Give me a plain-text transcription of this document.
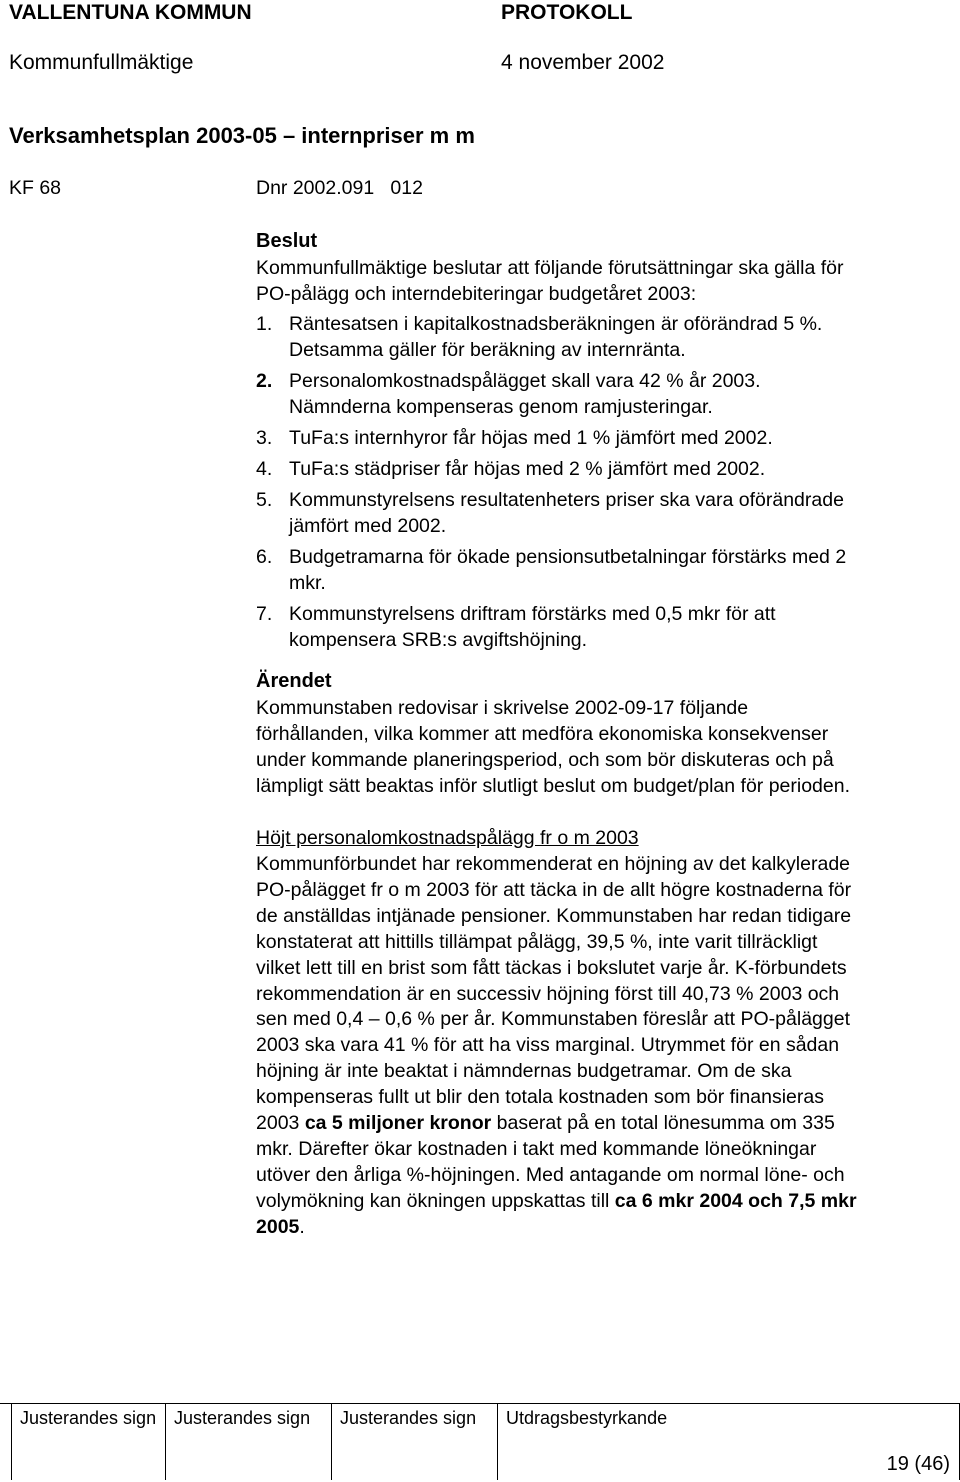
VALLENTUNA KOMMUN	PROTOKOLL
Kommunfullmäktige	4 november 2002
Verksamhetsplan 2003-05 – internpriser m m
KF 68	Dnr 2002.091   012
Beslut
Kommunfullmäktige beslutar att följande förutsättningar ska gälla för
PO-pålägg och interndebiteringar budgetåret 2003:
1. Räntesatsen i kapitalkostnadsberäkningen är oförändrad 5 %.
Detsamma gäller för beräkning av internränta.
2. Personalomkostnadspålägget skall vara 42 % år 2003.
Nämnderna kompenseras genom ramjusteringar.
3. TuFa:s internhyror får höjas med 1 % jämfört med 2002.
4. TuFa:s städpriser får höjas med 2 % jämfört med 2002.
5. Kommunstyrelsens resultatenheters priser ska vara oförändrade
jämfört med 2002.
6. Budgetramarna för ökade pensionsutbetalningar förstärks med 2
mkr.
7. Kommunstyrelsens driftram förstärks med 0,5 mkr för att
kompensera SRB:s avgiftshöjning.
Ärendet

Kommunstaben redovisar i skrivelse 2002-09-17 följande

förhållanden, vilka kommer att medföra ekonomiska konsekvenser

under kommande planeringsperiod, och som bör diskuteras och på

lämpligt sätt beaktas inför slutligt beslut om budget/plan för perioden.

Höjt personalomkostnadspålägg fr o m 2003

Kommunförbundet har rekommenderat en höjning av det kalkylerade

PO-pålägget fr o m 2003 för att täcka in de allt högre kostnaderna för

de anställdas intjänade pensioner. Kommunstaben har redan tidigare

konstaterat att hittills tillämpat pålägg, 39,5 %, inte varit tillräckligt

vilket lett till en brist som fått täckas i bokslutet varje år. K-förbundets

rekommendation är en successiv höjning först till 40,73 % 2003 och

sen med 0,4 – 0,6 % per år. Kommunstaben föreslår att PO-pålägget

2003 ska vara 41 % för att ha viss marginal. Utrymmet för en sådan

höjning är inte beaktat i nämndernas budgetramar. Om de ska

kompenseras fullt ut blir den totala kostnaden som bör finansieras

2003 ca 5 miljoner kronor baserat på en total lönesumma om 335

mkr. Därefter ökar kostnaden i takt med kommande löneökningar

utöver den årliga %-höjningen. Med antagande om normal löne- och

volymökning kan ökningen uppskattas till ca 6 mkr 2004 och 7,5 mkr

2005.

Justerandes sign Justerandes sign Justerandes sign Utdragsbestyrkande
19 (46)
